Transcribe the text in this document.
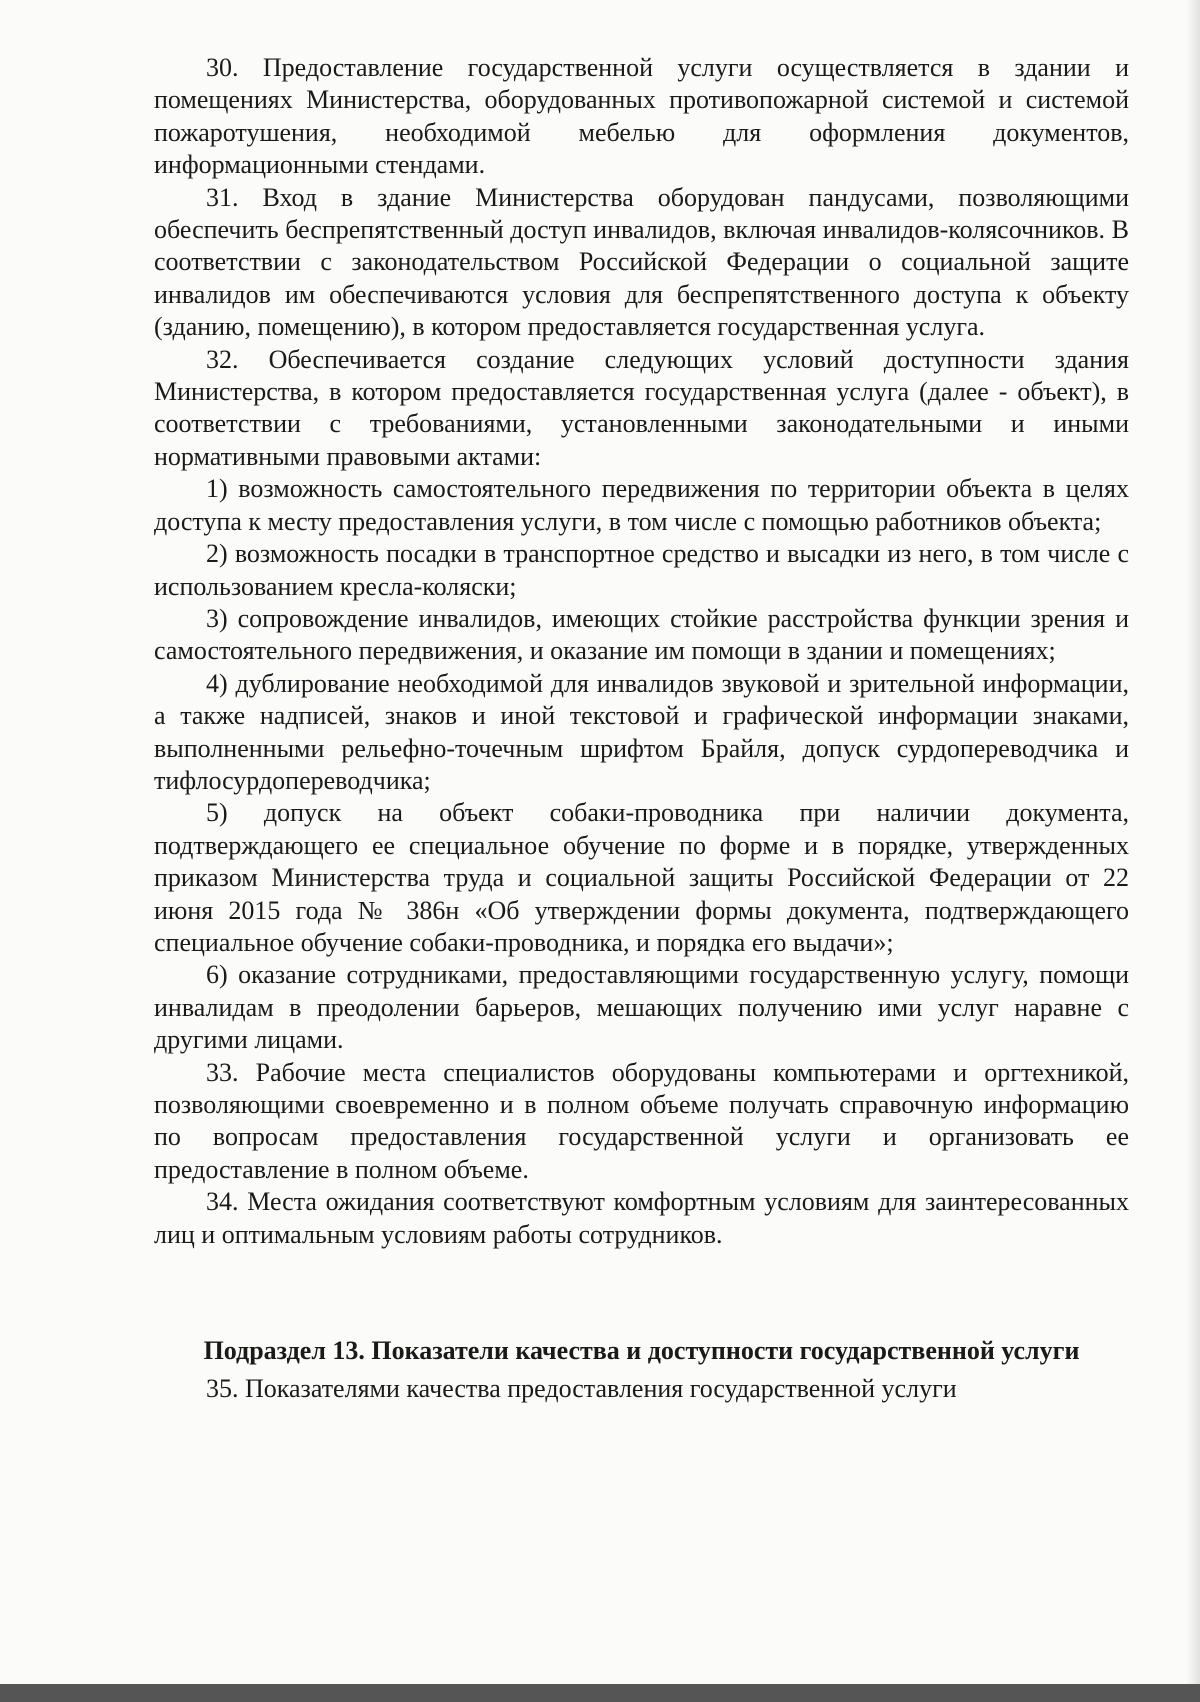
30. Предоставление государственной услуги осуществляется в здании и помещениях Министерства, оборудованных противопожарной системой и системой пожаротушения, необходимой мебелью для оформления документов, информационными стендами.

31. Вход в здание Министерства оборудован пандусами, позволяющими обеспечить беспрепятственный доступ инвалидов, включая инвалидов-колясочников. В соответствии с законодательством Российской Федерации о социальной защите инвалидов им обеспечиваются условия для беспрепятственного доступа к объекту (зданию, помещению), в котором предоставляется государственная услуга.

32. Обеспечивается создание следующих условий доступности здания Министерства, в котором предоставляется государственная услуга (далее - объект), в соответствии с требованиями, установленными законодательными и иными нормативными правовыми актами:

1) возможность самостоятельного передвижения по территории объекта в целях доступа к месту предоставления услуги, в том числе с помощью работников объекта;

2) возможность посадки в транспортное средство и высадки из него, в том числе с использованием кресла-коляски;

3) сопровождение инвалидов, имеющих стойкие расстройства функции зрения и самостоятельного передвижения, и оказание им помощи в здании и помещениях;

4) дублирование необходимой для инвалидов звуковой и зрительной информации, а также надписей, знаков и иной текстовой и графической информации знаками, выполненными рельефно-точечным шрифтом Брайля, допуск сурдопереводчика и тифлосурдопереводчика;

5) допуск на объект собаки-проводника при наличии документа, подтверждающего ее специальное обучение по форме и в порядке, утвержденных приказом Министерства труда и социальной защиты Российской Федерации от 22 июня 2015 года № 386н «Об утверждении формы документа, подтверждающего специальное обучение собаки-проводника, и порядка его выдачи»;

6) оказание сотрудниками, предоставляющими государственную услугу, помощи инвалидам в преодолении барьеров, мешающих получению ими услуг наравне с другими лицами.

33. Рабочие места специалистов оборудованы компьютерами и оргтехникой, позволяющими своевременно и в полном объеме получать справочную информацию по вопросам предоставления государственной услуги и организовать ее предоставление в полном объеме.

34. Места ожидания соответствуют комфортным условиям для заинтересованных лиц и оптимальным условиям работы сотрудников.

Подраздел 13. Показатели качества и доступности государственной услуги

35. Показателями качества предоставления государственной услуги
